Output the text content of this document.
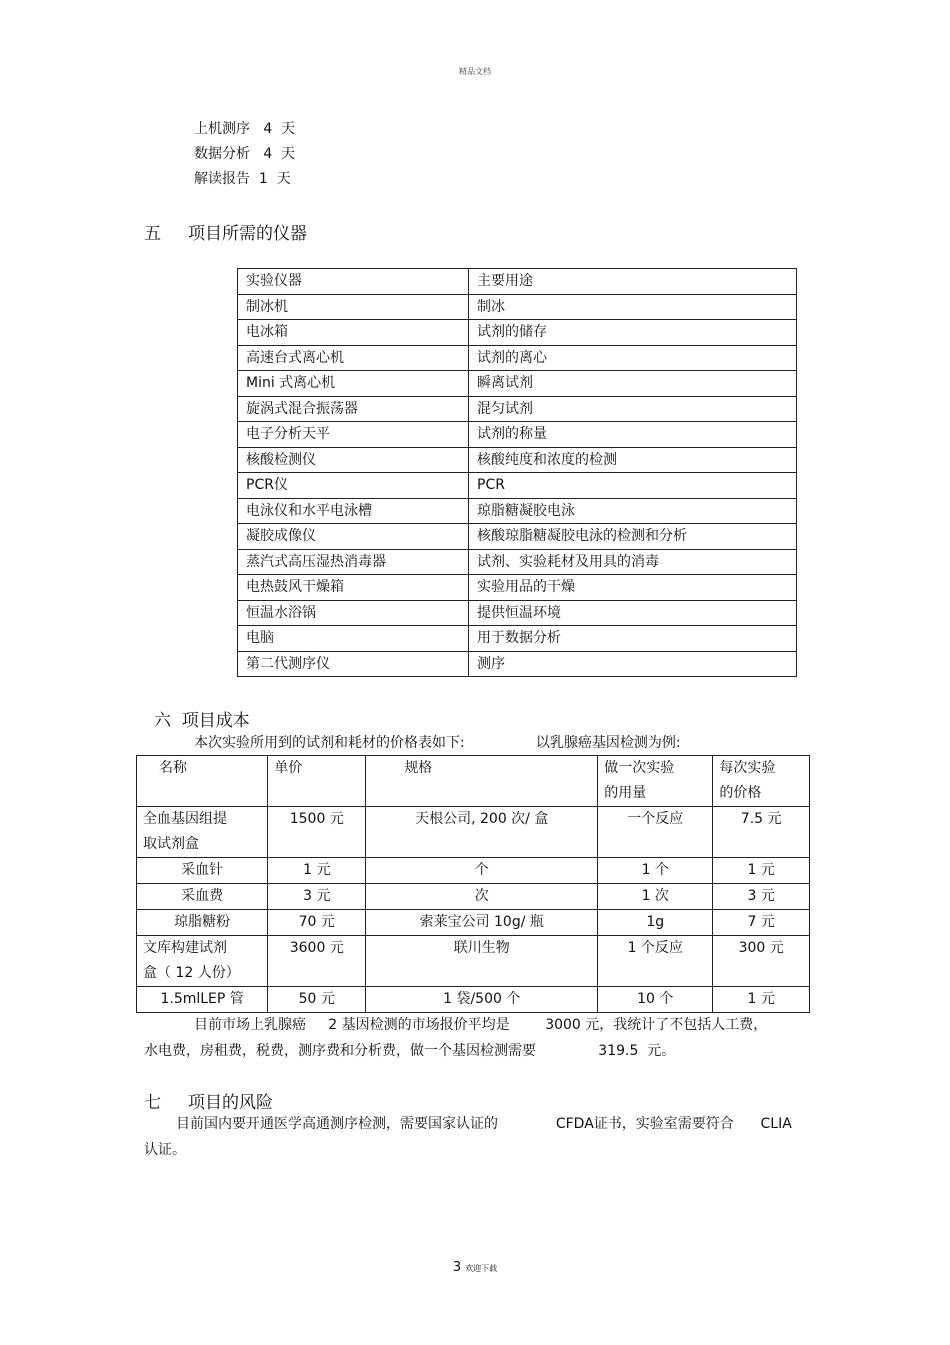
精品文档
上机测序   4  天
数据分析   4  天
解读报告  1  天
五     项目所需的仪器
实验仪器	主要用途
制冰机	制冰
电冰箱	试剂的储存
高速台式离心机	试剂的离心
Mini 式离心机	瞬离试剂
旋涡式混合振荡器	混匀试剂
电子分析天平	试剂的称量
核酸检测仪	核酸纯度和浓度的检测
PCR仪	PCR
电泳仪和水平电泳槽	琼脂糖凝胶电泳
凝胶成像仪	核酸琼脂糖凝胶电泳的检测和分析
蒸汽式高压湿热消毒器	试剂、实验耗材及用具的消毒
电热鼓风干燥箱	实验用品的干燥
恒温水浴锅	提供恒温环境
电脑	用于数据分析
第二代测序仪	测序
六  项目成本
本次实验所用到的试剂和耗材的价格表如下:                以乳腺癌基因检测为例:
名称	单价	规格	做一次实验
的用量	每次实验
的价格
全血基因组提
取试剂盒	1500 元	天根公司, 200 次/ 盒	一个反应	7.5 元
采血针	1 元	个	1 个	1 元
采血费	3 元	次	1 次	3 元
琼脂糖粉	70 元	索莱宝公司 10g/ 瓶	1g	7 元
文库构建试剂
盒（ 12 人份）	3600 元	联川生物	1 个反应	300 元
1.5mlLEP 管	50 元	1 袋/500 个	10 个	1 元
目前市场上乳腺癌     2 基因检测的市场报价平均是        3000 元，我统计了不包括人工费，
水电费，房租费，税费，测序费和分析费，做一个基因检测需要              319.5  元。
七     项目的风险
目前国内要开通医学高通测序检测，需要国家认证的             CFDA证书，实验室需要符合      CLIA
认证。
3 欢迎下载
